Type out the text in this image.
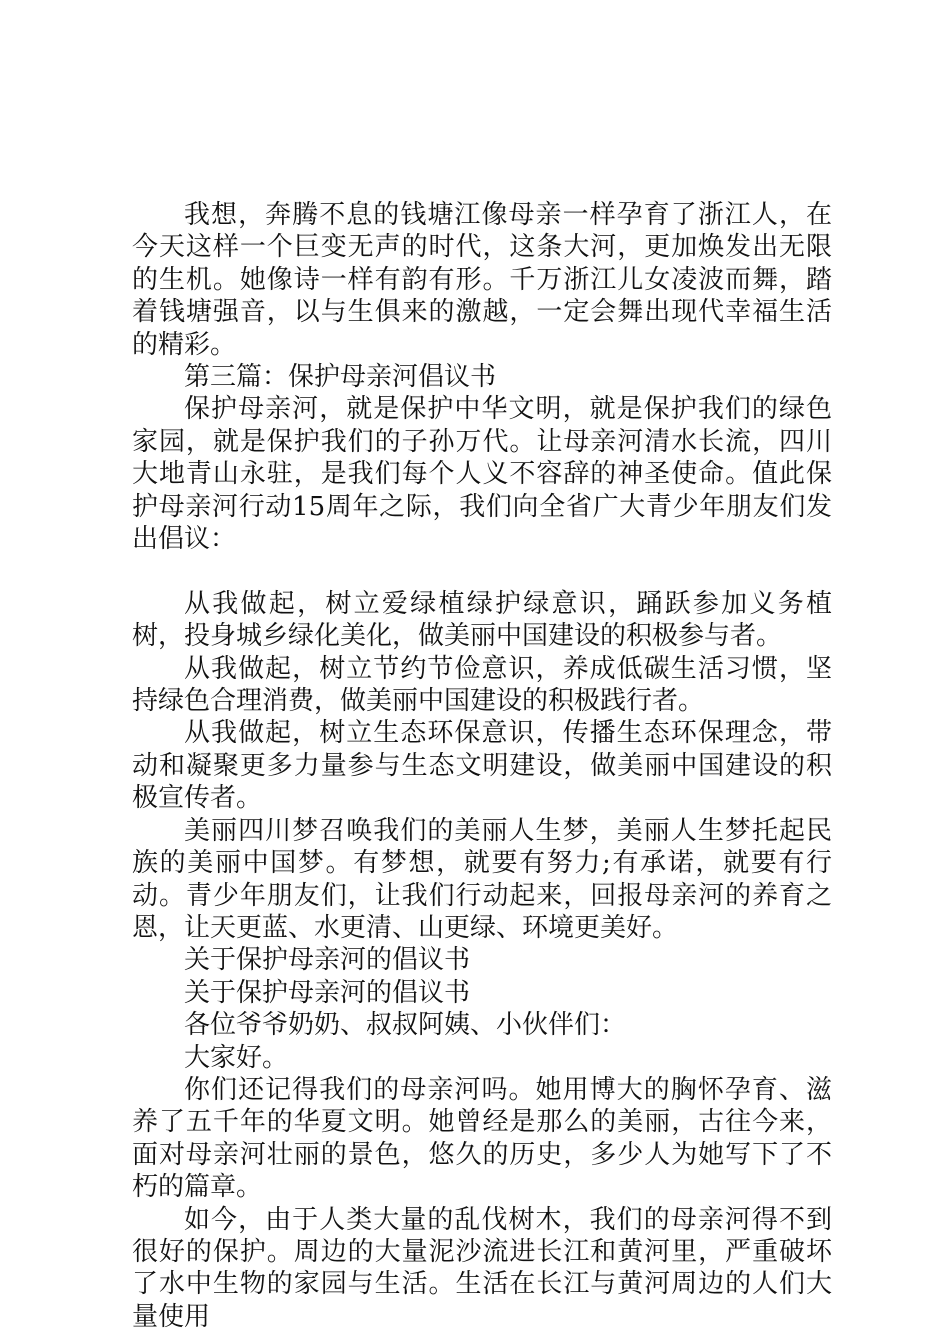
我想，奔腾不息的钱塘江像母亲一样孕育了浙江人，在今天这样一个巨变无声的时代，这条大河，更加焕发出无限的生机。她像诗一样有韵有形。千万浙江儿女凌波而舞，踏着钱塘强音，以与生俱来的激越，一定会舞出现代幸福生活的精彩。

第三篇：保护母亲河倡议书

保护母亲河，就是保护中华文明，就是保护我们的绿色家园，就是保护我们的子孙万代。让母亲河清水长流，四川大地青山永驻，是我们每个人义不容辞的神圣使命。值此保护母亲河行动15周年之际，我们向全省广大青少年朋友们发出倡议：

从我做起，树立爱绿植绿护绿意识，踊跃参加义务植树，投身城乡绿化美化，做美丽中国建设的积极参与者。

从我做起，树立节约节俭意识，养成低碳生活习惯，坚持绿色合理消费，做美丽中国建设的积极践行者。

从我做起，树立生态环保意识，传播生态环保理念，带动和凝聚更多力量参与生态文明建设，做美丽中国建设的积极宣传者。

美丽四川梦召唤我们的美丽人生梦，美丽人生梦托起民族的美丽中国梦。有梦想，就要有努力;有承诺，就要有行动。青少年朋友们，让我们行动起来，回报母亲河的养育之恩，让天更蓝、水更清、山更绿、环境更美好。

关于保护母亲河的倡议书

关于保护母亲河的倡议书

各位爷爷奶奶、叔叔阿姨、小伙伴们：

大家好。

你们还记得我们的母亲河吗。她用博大的胸怀孕育、滋养了五千年的华夏文明。她曾经是那么的美丽，古往今来，面对母亲河壮丽的景色，悠久的历史，多少人为她写下了不朽的篇章。

如今，由于人类大量的乱伐树木，我们的母亲河得不到很好的保护。周边的大量泥沙流进长江和黄河里，严重破坏了水中生物的家园与生活。生活在长江与黄河周边的人们大量使用
